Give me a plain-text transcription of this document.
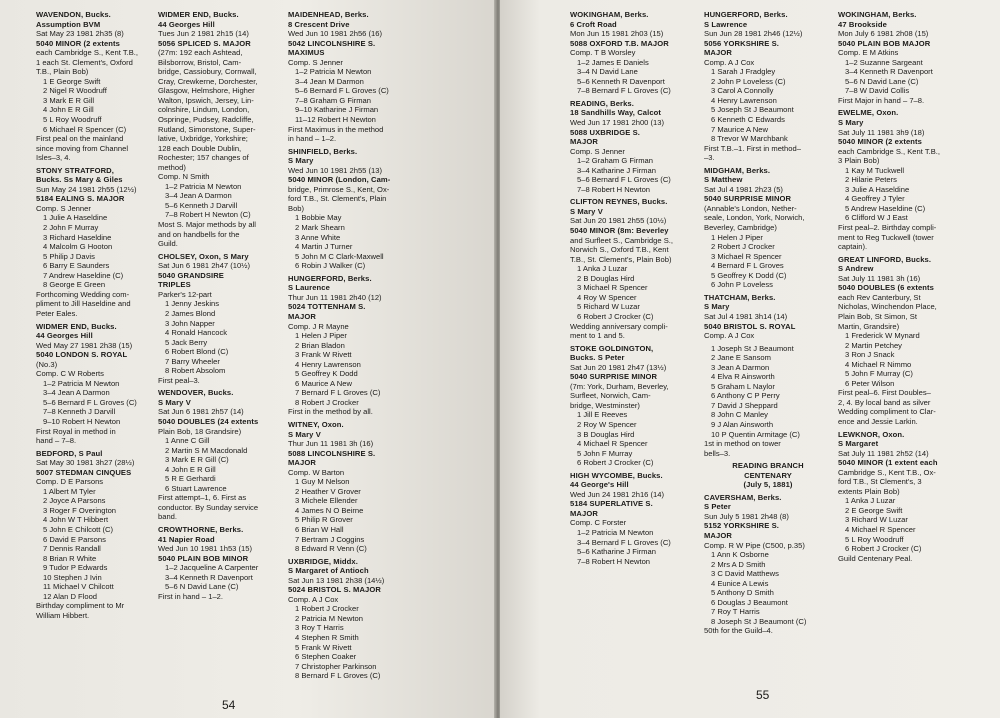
WAVENDON, Bucks.
Assumption BVM
Sat May 23 1981 2h35 (8)
5040 MINOR (2 extents
each Cambridge S., Kent T.B.,
1 each St. Clement's, Oxford
T.B., Plain Bob)
1 E George Swift
2 Nigel R Woodruff
3 Mark E R Gill
4 John E R Gill
5 L Roy Woodruff
6 Michael R Spencer (C)
First peal on the mainland
since moving from Channel
Isles–3, 4.
STONY STRATFORD,
Bucks. Ss Mary & Giles
Sun May 24 1981 2h55 (12½)
5184 EALING S. MAJOR
Comp. S Jenner
1 Julie A Haseldine
2 John F Murray
3 Richard Haseldine
4 Malcolm G Hooton
5 Philip J Davis
6 Barry E Saunders
7 Andrew Haseldine (C)
8 George E Green
Forthcoming Wedding com-
pliment to Jill Haseldine and
Peter Eales.
WIDMER END, Bucks.
44 Georges Hill
Wed May 27 1981 2h38 (15)
5040 LONDON S. ROYAL
(No.3)
Comp. C W Roberts
1–2 Patricia M Newton
3–4 Jean A Darmon
5–6 Bernard F L Groves (C)
7–8 Kenneth J Darvill
9–10 Robert H Newton
First Royal in method in
hand – 7–8.
BEDFORD, S Paul
Sat May 30 1981 3h27 (28½)
5007 STEDMAN CINQUES
Comp. D E Parsons
1 Albert M Tyler
2 Joyce A Parsons
3 Roger F Overington
4 John W T Hibbert
5 John E Chilcott (C)
6 David E Parsons
7 Dennis Randall
8 Brian R White
9 Tudor P Edwards
10 Stephen J Ivin
11 Michael V Chilcott
12 Alan D Flood
Birthday compliment to Mr
William Hibbert.
WIDMER END, Bucks.
44 Georges Hill
Tues Jun 2 1981 2h15 (14)
5056 SPLICED S. MAJOR
(27m: 192 each Ashtead,
Bilsborrow, Bristol, Cam-
bridge, Cassiobury, Cornwall,
Cray, Crewkerne, Dorchester,
Glasgow, Helmshore, Higher
Walton, Ipswich, Jersey, Lin-
colnshire, Lindum, London,
Ospringe, Pudsey, Radcliffe,
Rutland, Simonstone, Super-
lative, Uxbridge, Yorkshire;
128 each Double Dublin,
Rochester; 157 changes of
method)
Comp. N Smith
1–2 Patricia M Newton
3–4 Jean A Darmon
5–6 Kenneth J Darvill
7–8 Robert H Newton (C)
Most S. Major methods by all
and on handbells for the
Guild.
CHOLSEY, Oxon, S Mary
Sat Jun 6 1981 2h47 (10½)
5040 GRANDSIRE
TRIPLES
Parker's 12-part
1 Jenny Jeskins
2 James Blond
3 John Napper
4 Ronald Hancock
5 Jack Berry
6 Robert Blond (C)
7 Barry Wheeler
8 Robert Absolom
First peal–3.
WENDOVER, Bucks.
S Mary V
Sat Jun 6 1981 2h57 (14)
5040 DOUBLES (24 extents
Plain Bob, 18 Grandsire)
1 Anne C Gill
2 Martin S M Macdonald
3 Mark E R Gill (C)
4 John E R Gill
5 R E Gerhardi
6 Stuart Lawrence
First attempt–1, 6. First as
conductor. By Sunday service
band.
CROWTHORNE, Berks.
41 Napier Road
Wed Jun 10 1981 1h53 (15)
5040 PLAIN BOB MINOR
1–2 Jacqueline A Carpenter
3–4 Kenneth R Davenport
5–6 N David Lane (C)
First in hand – 1–2.
MAIDENHEAD, Berks.
8 Crescent Drive
Wed Jun 10 1981 2h56 (16)
5042 LINCOLNSHIRE S.
MAXIMUS
Comp. S Jenner
1–2 Patricia M Newton
3–4 Jean M Darmon
5–6 Bernard F L Groves (C)
7–8 Graham G Firman
9–10 Katharine J Firman
11–12 Robert H Newton
First Maximus in the method
in hand – 1–2.
SHINFIELD, Berks.
S Mary
Wed Jun 10 1981 2h55 (13)
5040 MINOR (London, Cam-
bridge, Primrose S., Kent, Ox-
ford T.B., St. Clement's, Plain
Bob)
1 Bobbie May
2 Mark Shearn
3 Anne White
4 Martin J Turner
5 John M C Clark-Maxwell
6 Robin J Walker (C)
HUNGERFORD, Berks.
S Laurence
Thur Jun 11 1981 2h40 (12)
5024 TOTTENHAM S.
MAJOR
Comp. J R Mayne
1 Helen J Piper
2 Brian Bladon
3 Frank W Rivett
4 Henry Lawrenson
5 Geoffrey K Dodd
6 Maurice A New
7 Bernard F L Groves (C)
8 Robert J Crocker
First in the method by all.
WITNEY, Oxon.
S Mary V
Thur Jun 11 1981 3h (16)
5088 LINCOLNSHIRE S.
MAJOR
Comp. W Barton
1 Guy M Nelson
2 Heather V Grover
3 Michele Ellender
4 James N O Beirne
5 Philip R Grover
6 Brian W Hall
7 Bertram J Coggins
8 Edward R Venn (C)
UXBRIDGE, Middx.
S Margaret of Antioch
Sat Jun 13 1981 2h38 (14½)
5024 BRISTOL S. MAJOR
Comp. A J Cox
1 Robert J Crocker
2 Patricia M Newton
3 Roy T Harris
4 Stephen R Smith
5 Frank W Rivett
6 Stephen Coaker
7 Christopher Parkinson
8 Bernard F L Groves (C)
54
WOKINGHAM, Berks.
6 Croft Road
Mon Jun 15 1981 2h03 (15)
5088 OXFORD T.B. MAJOR
Comp. T B Worsley
1–2 James E Daniels
3–4 N David Lane
5–6 Kenneth R Davenport
7–8 Bernard F L Groves (C)
READING, Berks.
18 Sandhills Way, Calcot
Wed Jun 17 1981 2h00 (13)
5088 UXBRIDGE S.
MAJOR
Comp. S Jenner
1–2 Graham G Firman
3–4 Katharine J Firman
5–6 Bernard F L Groves (C)
7–8 Robert H Newton
CLIFTON REYNES, Bucks.
S Mary V
Sat Jun 20 1981 2h55 (10½)
5040 MINOR (8m: Beverley
and Surfleet S., Cambridge S.,
Norwich S., Oxford T.B., Kent
T.B., St. Clement's, Plain Bob)
1 Anka J Luzar
2 B Douglas Hird
3 Michael R Spencer
4 Roy W Spencer
5 Richard W Luzar
6 Robert J Crocker (C)
Wedding anniversary compli-
ment to 1 and 5.
STOKE GOLDINGTON,
Bucks. S Peter
Sat Jun 20 1981 2h47 (13½)
5040 SURPRISE MINOR
(7m: York, Durham, Beverley,
Surfleet, Norwich, Cam-
bridge, Westminster)
1 Jill E Reeves
2 Roy W Spencer
3 B Douglas Hird
4 Michael R Spencer
5 John F Murray
6 Robert J Crocker (C)
HIGH WYCOMBE, Bucks.
44 George's Hill
Wed Jun 24 1981 2h16 (14)
5184 SUPERLATIVE S.
MAJOR
Comp. C Forster
1–2 Patricia M Newton
3–4 Bernard F L Groves (C)
5–6 Katharine J Firman
7–8 Robert H Newton
HUNGERFORD, Berks.
S Lawrence
Sun Jun 28 1981 2h46 (12½)
5056 YORKSHIRE S.
MAJOR
Comp. A J Cox
1 Sarah J Fradgley
2 John P Loveless (C)
3 Carol A Connolly
4 Henry Lawrenson
5 Joseph St J Beaumont
6 Kenneth C Edwards
7 Maurice A New
8 Trevor W Marchbank
First T.B.–1. First in method–
–3.
MIDGHAM, Berks.
S Matthew
Sat Jul 4 1981 2h23 (5)
5040 SURPRISE MINOR
(Annable's London, Nether-
seale, London, York, Norwich,
Beverley, Cambridge)
1 Helen J Piper
2 Robert J Crocker
3 Michael R Spencer
4 Bernard F L Groves
5 Geoffrey K Dodd (C)
6 John P Loveless
THATCHAM, Berks.
S Mary
Sat Jul 4 1981 3h14 (14)
5040 BRISTOL S. ROYAL
Comp. A J Cox
1 Joseph St J Beaumont
2 Jane E Sansom
3 Jean A Darmon
4 Elva R Ainsworth
5 Graham L Naylor
6 Anthony C P Perry
7 David J Sheppard
8 John C Manley
9 J Alan Ainsworth
10 P Quentin Armitage (C)
1st in method on tower
bells–3.
READING BRANCH
CENTENARY
(July 5, 1881)
CAVERSHAM, Berks.
S Peter
Sun July 5 1981 2h48 (8)
5152 YORKSHIRE S.
MAJOR
Comp. R W Pipe (C500, p.35)
1 Ann K Osborne
2 Mrs A D Smith
3 C David Matthews
4 Eunice A Lewis
5 Anthony D Smith
6 Douglas J Beaumont
7 Roy T Harris
8 Joseph St J Beaumont (C)
50th for the Guild–4.
WOKINGHAM, Berks.
47 Brookside
Mon July 6 1981 2h08 (15)
5040 PLAIN BOB MAJOR
Comp. E M Atkins
1–2 Suzanne Sargeant
3–4 Kenneth R Davenport
5–6 N David Lane (C)
7–8 W David Collis
First Major in hand – 7–8.
EWELME, Oxon.
S Mary
Sat July 11 1981 3h9 (18)
5040 MINOR (2 extents
each Cambridge S., Kent T.B.,
3 Plain Bob)
1 Kay M Tuckwell
2 Hilarie Peters
3 Julie A Haseldine
4 Geoffrey J Tyler
5 Andrew Haseldine (C)
6 Clifford W J East
First peal–2. Birthday compli-
ment to Reg Tuckwell (tower
captain).
GREAT LINFORD, Bucks.
S Andrew
Sat July 11 1981 3h (16)
5040 DOUBLES (6 extents
each Rev Canterbury, St
Nicholas, Winchendon Place,
Plain Bob, St Simon, St
Martin, Grandsire)
1 Frederick W Mynard
2 Martin Petchey
3 Ron J Snack
4 Michael R Nimmo
5 John F Murray (C)
6 Peter Wilson
First peal–6. First Doubles–
2, 4. By local band as silver
Wedding compliment to Clar-
ence and Jessie Larkin.
LEWKNOR, Oxon.
S Margaret
Sat July 11 1981 2h52 (14)
5040 MINOR (1 extent each
Cambridge S., Kent T.B., Ox-
ford T.B., St Clement's, 3
extents Plain Bob)
1 Anka J Luzar
2 E George Swift
3 Richard W Luzar
4 Michael R Spencer
5 L Roy Woodruff
6 Robert J Crocker (C)
Guild Centenary Peal.
55
